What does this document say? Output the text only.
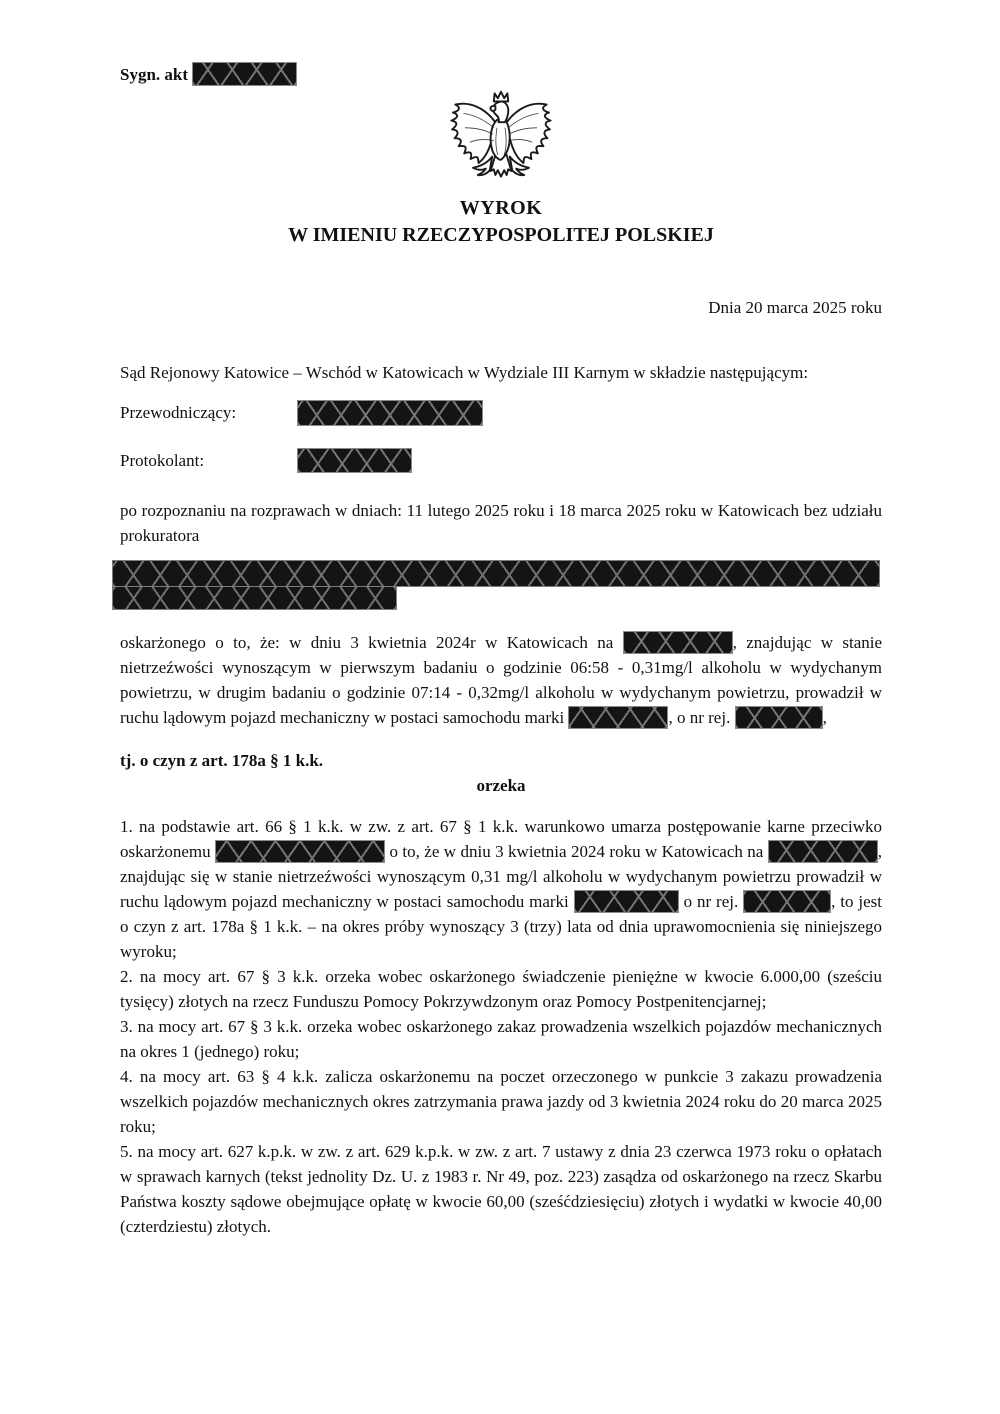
Sygn. akt
WYROK
W IMIENIU RZECZYPOSPOLITEJ POLSKIEJ
Dnia 20 marca 2025 roku
Sąd Rejonowy Katowice – Wschód w Katowicach w Wydziale III Karnym w składzie następującym:
Przewodniczący:
Protokolant:
po rozpoznaniu na rozprawach w dniach: 11 lutego 2025 roku i 18 marca 2025 roku w Katowicach bez udziału prokuratora
oskarżonego o to, że: w dniu 3 kwietnia 2024r w Katowicach na	, znajdując w stanie nietrzeźwości wynoszącym w pierwszym badaniu o godzinie 06:58 - 0,31mg/l alkoholu w wydychanym powietrzu, w drugim badaniu o godzinie 07:14 - 0,32mg/l alkoholu w wydychanym powietrzu, prowadził w ruchu lądowym pojazd mechaniczny w postaci samochodu marki	, o nr rej.	,
tj. o czyn z art. 178a § 1 k.k.
orzeka
1. na podstawie art. 66 § 1 k.k. w zw. z art. 67 § 1 k.k. warunkowo umarza postępowanie karne przeciwko oskarżonemu	o to, że w dniu 3 kwietnia 2024 roku w Katowicach na	, znajdując się w stanie nietrzeźwości wynoszącym 0,31 mg/l alkoholu w wydychanym powietrzu prowadził w ruchu lądowym pojazd mechaniczny w postaci samochodu marki	o nr rej.	, to jest o czyn z art. 178a § 1 k.k. – na okres próby wynoszący 3 (trzy) lata od dnia uprawomocnienia się niniejszego wyroku;
2. na mocy art. 67 § 3 k.k. orzeka wobec oskarżonego świadczenie pieniężne w kwocie 6.000,00 (sześciu tysięcy) złotych na rzecz Funduszu Pomocy Pokrzywdzonym oraz Pomocy Postpenitencjarnej;
3. na mocy art. 67 § 3 k.k. orzeka wobec oskarżonego zakaz prowadzenia wszelkich pojazdów mechanicznych na okres 1 (jednego) roku;
4. na mocy art. 63 § 4 k.k. zalicza oskarżonemu na poczet orzeczonego w punkcie 3 zakazu prowadzenia wszelkich pojazdów mechanicznych okres zatrzymania prawa jazdy od 3 kwietnia 2024 roku do 20 marca 2025 roku;
5. na mocy art. 627 k.p.k. w zw. z art. 629 k.p.k. w zw. z art. 7 ustawy z dnia 23 czerwca 1973 roku o opłatach w sprawach karnych (tekst jednolity Dz. U. z 1983 r. Nr 49, poz. 223) zasądza od oskarżonego na rzecz Skarbu Państwa koszty sądowe obejmujące opłatę w kwocie 60,00 (sześćdziesięciu) złotych i wydatki w kwocie 40,00 (czterdziestu) złotych.
